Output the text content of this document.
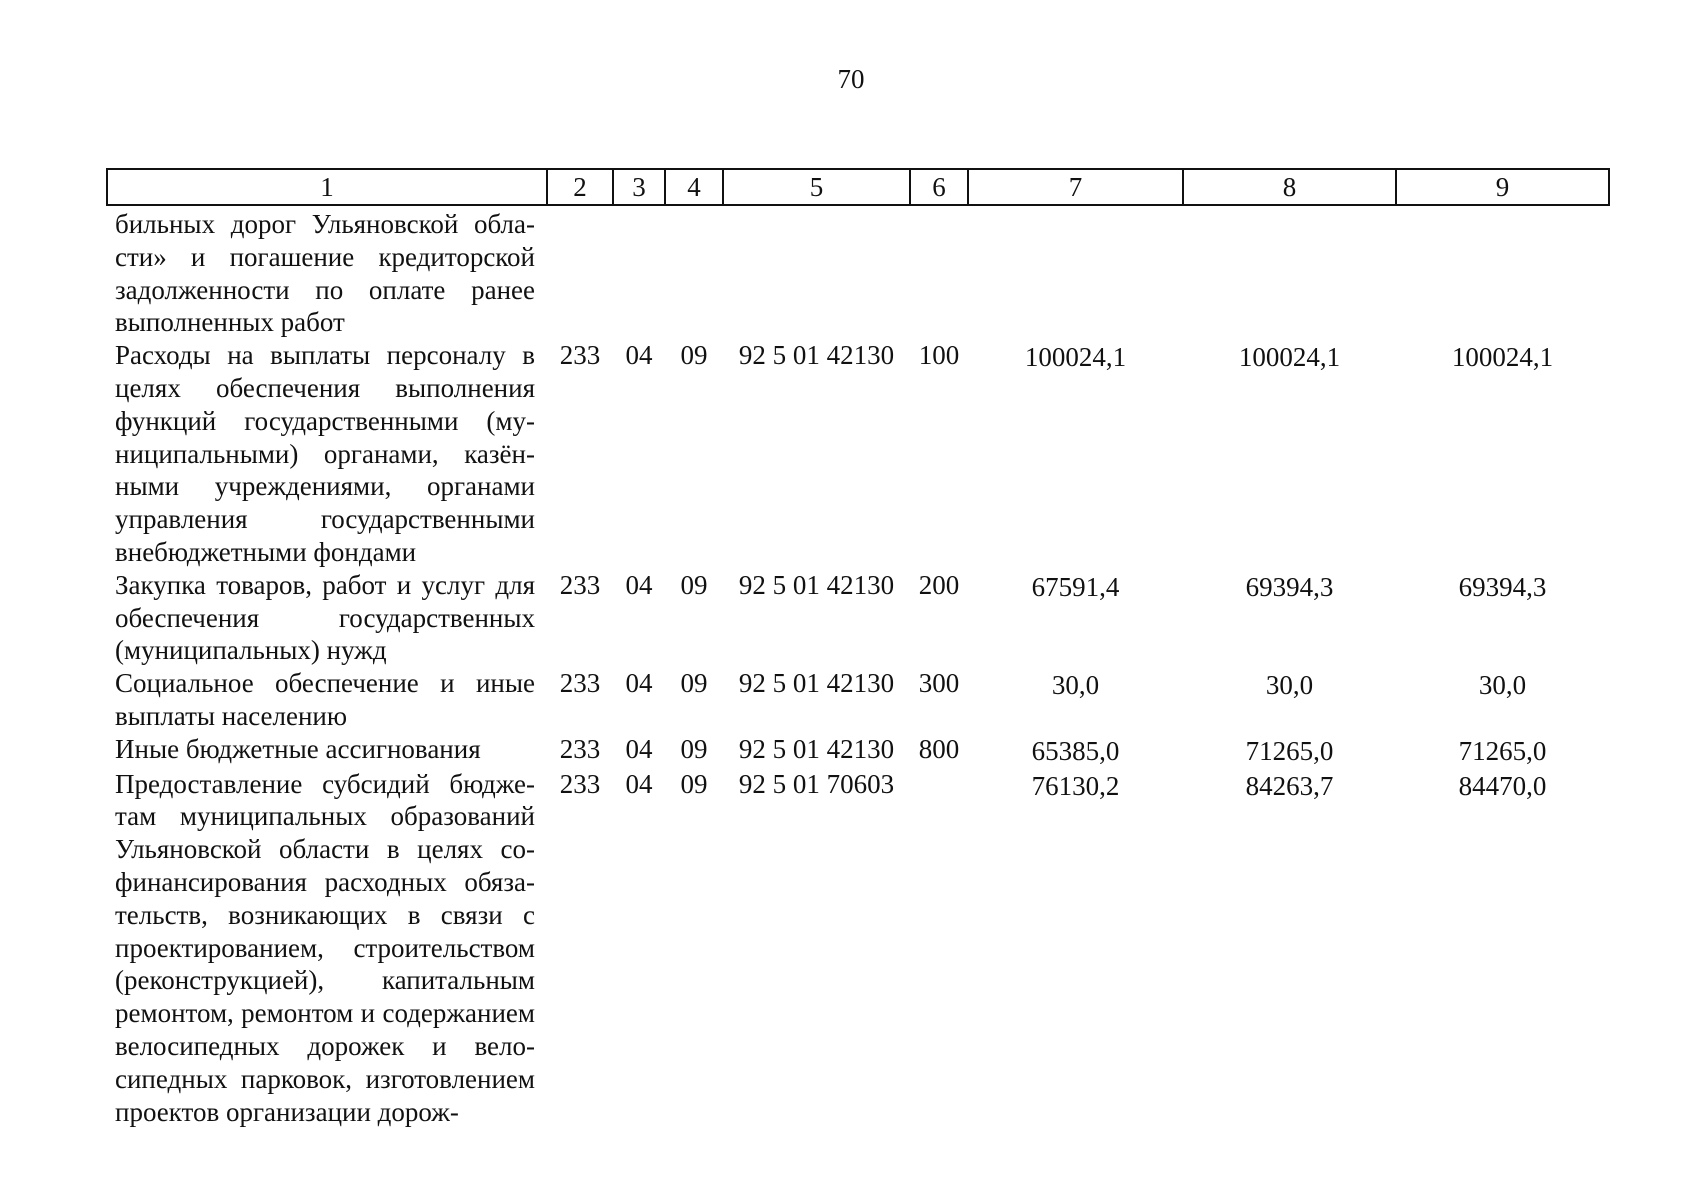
70
1	2	3	4	5	6	7	8	9
бильных дорог Ульяновской области» и погашение кредиторской задолженности по оплате ранее выполненных работ								
Расходы на выплаты персоналу в целях обеспечения выполнения функций государственными (муниципальными) органами, казёнными учреждениями, органами управления государственными внебюджетными фондами	233	04	09	92 5 01 42130	100	100024,1	100024,1	100024,1
Закупка товаров, работ и услуг для обеспечения государственных (муниципальных) нужд	233	04	09	92 5 01 42130	200	67591,4	69394,3	69394,3
Социальное обеспечение и иные выплаты населению	233	04	09	92 5 01 42130	300	30,0	30,0	30,0
Иные бюджетные ассигнования	233	04	09	92 5 01 42130	800	65385,0	71265,0	71265,0
Предоставление субсидий бюджетам муниципальных образований Ульяновской области в целях софинансирования расходных обязательств, возникающих в связи с проектированием, строительством (реконструкцией), капитальным ремонтом, ремонтом и содержанием велосипедных дорожек и велосипедных парковок, изготовлением проектов организации дорож-	233	04	09	92 5 01 70603		76130,2	84263,7	84470,0
